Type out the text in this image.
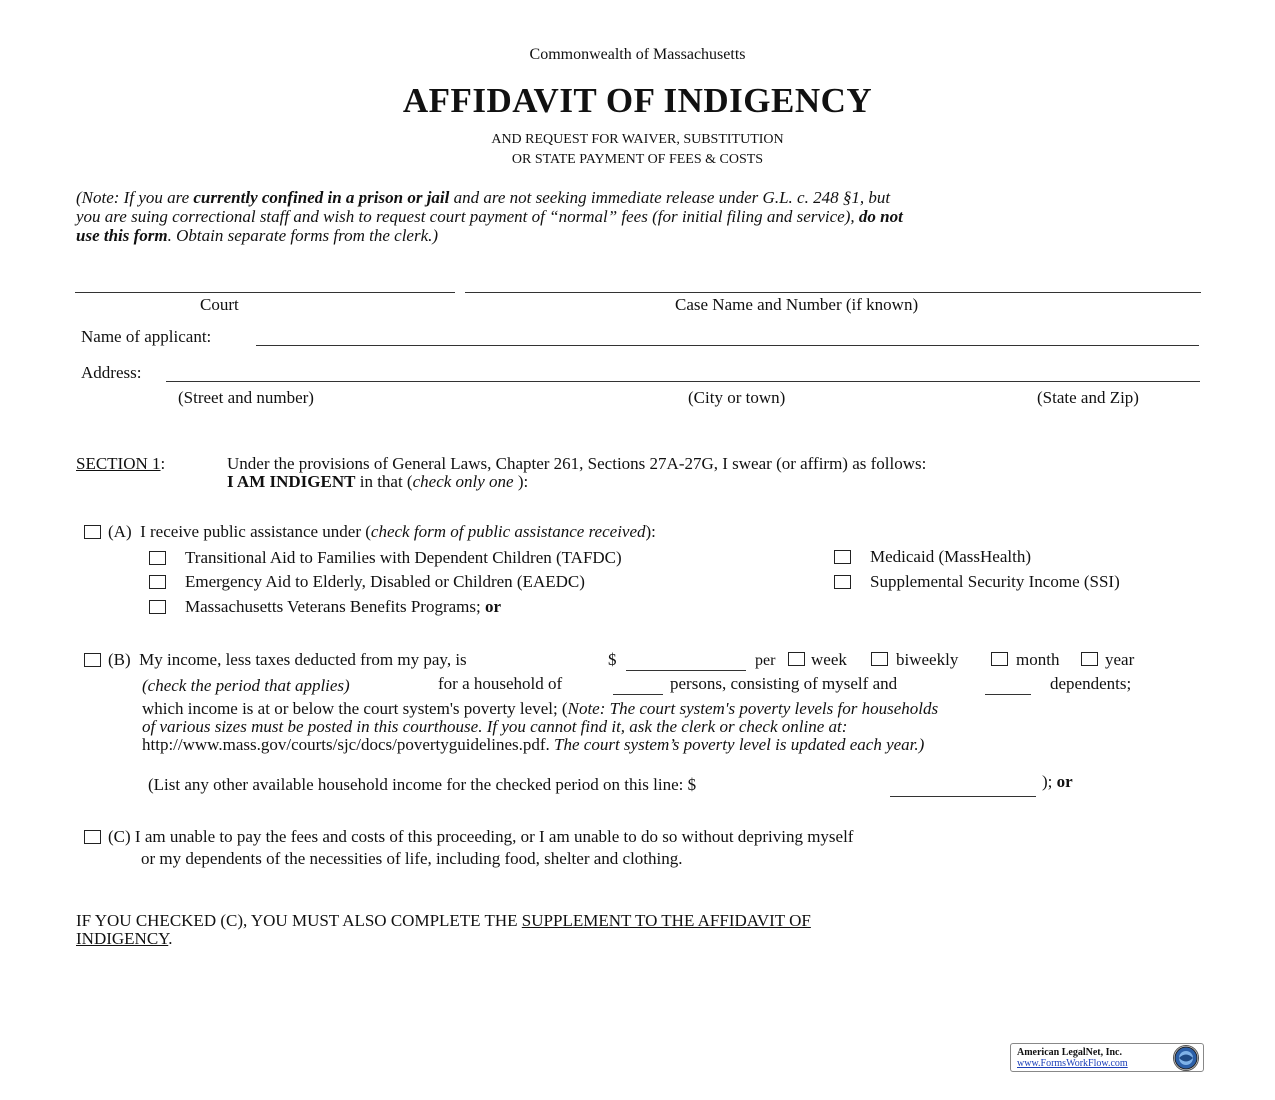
Commonwealth of Massachusetts
AFFIDAVIT OF INDIGENCY
AND REQUEST FOR WAIVER, SUBSTITUTION
OR STATE PAYMENT OF FEES & COSTS
(Note: If you are currently confined in a prison or jail and are not seeking immediate release under G.L. c. 248 §1, but
you are suing correctional staff and wish to request court payment of “normal” fees (for initial filing and service), do not
use this form. Obtain separate forms from the clerk.)
Court	Case Name and Number (if known)
Name of applicant:
Address:
(Street and number)	(City or town)	(State and Zip)
SECTION 1:	Under the provisions of General Laws, Chapter 261, Sections 27A-27G, I swear (or affirm) as follows:
I AM INDIGENT in that (check only one ):
(A) I receive public assistance under (check form of public assistance received):
Transitional Aid to Families with Dependent Children (TAFDC)
Emergency Aid to Elderly, Disabled or Children (EAEDC)
Massachusetts Veterans Benefits Programs; or
Medicaid (MassHealth)
Supplemental Security Income (SSI)
(B) My income, less taxes deducted from my pay, is	$	per week	biweekly	month	year
(check the period that applies)	for a household of	persons, consisting of myself and	dependents;
which income is at or below the court system's poverty level; (Note: The court system's poverty levels for households
of various sizes must be posted in this courthouse. If you cannot find it, ask the clerk or check online at:
http://www.mass.gov/courts/sjc/docs/povertyguidelines.pdf. The court system’s poverty level is updated each year.)
(List any other available household income for the checked period on this line: $	); or
(C) I am unable to pay the fees and costs of this proceeding, or I am unable to do so without depriving myself
or my dependents of the necessities of life, including food, shelter and clothing.
IF YOU CHECKED (C), YOU MUST ALSO COMPLETE THE SUPPLEMENT TO THE AFFIDAVIT OF
INDIGENCY.
American LegalNet, Inc.
www.FormsWorkFlow.com
